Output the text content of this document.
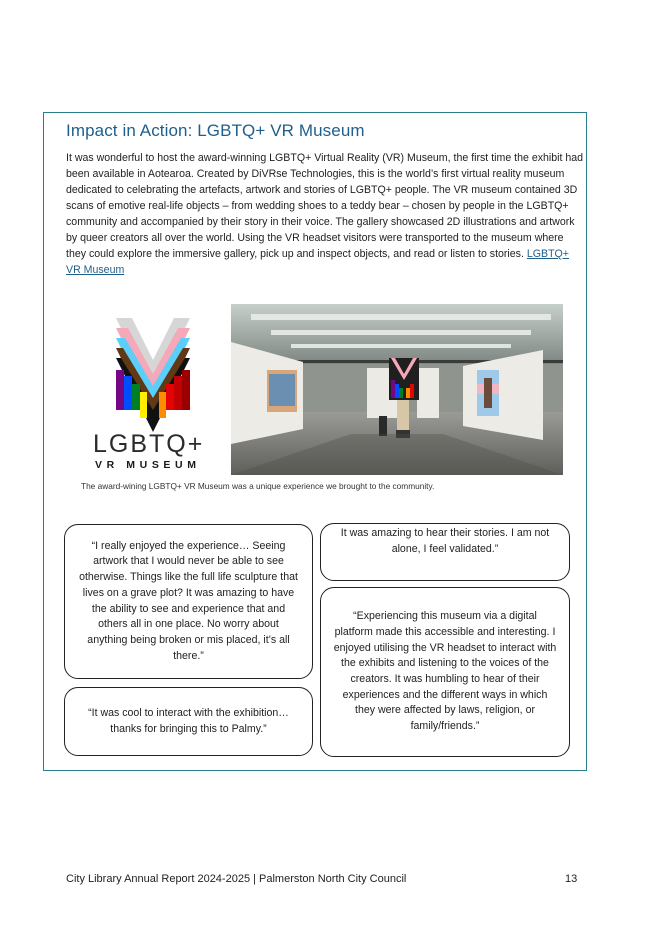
Impact in Action: LGBTQ+ VR Museum

It was wonderful to host the award-winning LGBTQ+ Virtual Reality (VR) Museum, the first time the exhibit had been available in Aotearoa. Created by DiVRse Technologies, this is the world’s first virtual reality museum dedicated to celebrating the artefacts, artwork and stories of LGBTQ+ people. The VR museum contained 3D scans of emotive real-life objects – from wedding shoes to a teddy bear – chosen by people in the LGBTQ+ community and accompanied by their story in their voice. The gallery showcased 2D illustrations and artwork by queer creators all over the world. Using the VR headset visitors were transported to the museum where they could explore the immersive gallery, pick up and inspect objects, and read or listen to stories. LGBTQ+ VR Museum

LGBTQ+
VR MUSEUM
The award-wining LGBTQ+ VR Museum was a unique experience we brought to the community.
“I really enjoyed the experience… Seeing artwork that I would never be able to see otherwise. Things like the full life sculpture that lives on a grave plot? It was amazing to have the ability to see and experience that and others all in one place. No worry about anything being broken or mis placed, it’s all there.”
It was amazing to hear their stories. I am not alone, I feel validated.”
“It was cool to interact with the exhibition…thanks for bringing this to Palmy.”
“Experiencing this museum via a digital platform made this accessible and interesting. I enjoyed utilising the VR headset to interact with the exhibits and listening to the voices of the creators. It was humbling to hear of their experiences and the different ways in which they were affected by laws, religion, or family/friends.”
City Library Annual Report 2024-2025 | Palmerston North City Council	13
